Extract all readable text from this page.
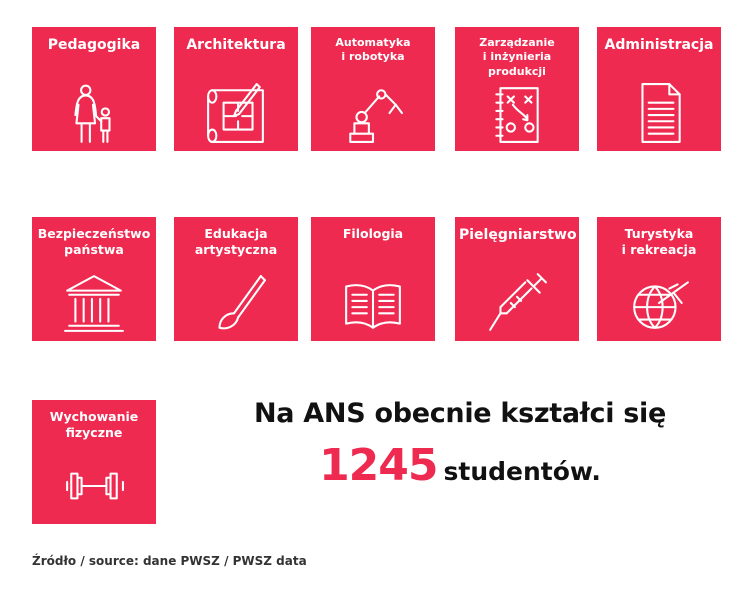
Pedagogika	Architektura	Automatyka
i robotyka
Zarządzanie
i inżynieria produkcji
Administracja
Bezpieczeństwo
państwa
Edukacja
artystyczna
Filologia	Pielęgniarstwo	Turystyka
i rekreacja
Wychowanie
fizyczne
Na ANS obecnie kształci się
1245 studentów.
Źródło / source: dane PWSZ / PWSZ data
